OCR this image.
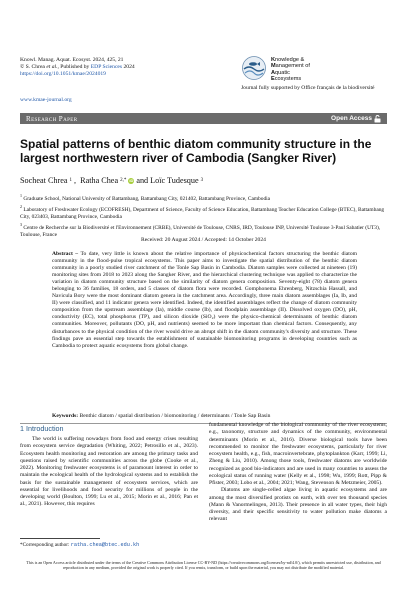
Knowl. Manag. Aquat. Ecosyst. 2024, 425, 21
© S. Chrea et al., Published by EDP Sciences 2024
https://doi.org/10.1051/kmae/2024019
Knowledge &
Management of
Aquatic
Ecosystems
Journal fully supported by Office français de la biodiversité
www.kmae-journal.org
Research Paper	Open Access
Spatial patterns of benthic diatom community structure in the largest northwestern river of Cambodia (Sangker River)
Socheat Chrea 1 , Ratha Chea 2,* iD and Loïc Tudesque 3
$^1$ Graduate School, National University of Battambang, Battambang City, 021402, Battambang Province, Cambodia
$^2$ Laboratory of Freshwater Ecology (ECOFRESH), Department of Science, Faculty of Science Education, Battambang Teacher Education College (BTEC), Battambang City, 023403, Battambang Province, Cambodia
$^3$ Centre de Recherche sur la Biodiversité et l'Environnement (CRBE), Université de Toulouse, CNRS, IRD, Toulouse INP, Université Toulouse 3-Paul Sabatier (UT3), Toulouse, France
Received: 20 August 2024 / Accepted: 14 October 2024
Abstract – To date, very little is known about the relative importance of physicochemical factors structuring the benthic diatom community in the flood-pulse tropical ecosystems. This paper aims to investigate the spatial distribution of the benthic diatom community in a poorly studied river catchment of the Tonle Sap Basin in Cambodia. Diatom samples were collected at nineteen (19) monitoring sites from 2018 to 2023 along the Sangker River, and the hierarchical clustering technique was applied to characterize the variation in diatom community structure based on the similarity of diatom genera composition. Seventy-eight (78) diatom genera belonging to 36 families, 18 orders, and 5 classes of diatom flora were recorded. Gomphonema Ehrenberg, Nitzschia Hassall, and Navicula Bory were the most dominant diatom genera in the catchment area. Accordingly, three main diatom assemblages (Ia, Ib, and II) were classified, and 11 indicator genera were identified. Indeed, the identified assemblages reflect the change of diatom community composition from the upstream assemblage (Ia), middle course (Ib), and floodplain assemblage (II). Dissolved oxygen (DO), pH, conductivity (EC), total phosphorus (TP), and silicon dioxide (SiO₂) were the physico-chemical determinants of benthic diatom communities. Moreover, pollutants (DO, pH, and nutrients) seemed to be more important than chemical factors. Consequently, any disturbances to the physical condition of the river would drive an abrupt shift in the diatom community's diversity and structure. These findings pave an essential step towards the establishment of sustainable biomonitoring programs in developing countries such as Cambodia to protect aquatic ecosystems from global change.
Keywords: Benthic diatom / spatial distribution / biomonitoring / determinants / Tonle Sap Basin
1 Introduction

The world is suffering nowadays from food and energy crises resulting from ecosystem service degradation (Whiting, 2022; Petrosillo et al., 2023). Ecosystem health monitoring and restoration are among the primary tasks and questions raised by scientific communities across the globe (Cooke et al., 2022). Monitoring freshwater ecosystems is of paramount interest in order to maintain the ecological health of the hydrological systems and to establish the basis for the sustainable management of ecosystem services, which are essential for livelihoods and food security for millions of people in the developing world (Boulton, 1999; Lu et al., 2015; Morin et al., 2016; Pan et al., 2021). However, this requires

fundamental knowledge of the biological community of the river ecosystems, e.g., taxonomy, structure and dynamics of the community, environmental determinants (Morin et al., 2016). Diverse biological tools have been recommended to monitor the freshwater ecosystems, particularly for river ecosystem health, e.g., fish, macroinvertebrate, phytoplankton (Karr, 1999; Li, Zheng & Liu, 2010). Among those tools, freshwater diatoms are worldwide recognized as good bio-indicators and are used in many countries to assess the ecological status of running water (Kelly et al., 1998; Wu, 1999; Rott, Pipp & Pfister, 2003; Lobo et al., 2004; 2021; Wang, Stevenson & Metzmeier, 2005).

Diatoms are single-celled algae living in aquatic ecosystems and are among the most diversified protists on earth, with over ten thousand species (Mann & Vanormelingen, 2013). Their presence in all water types, their high diversity, and their specific sensitivity to water pollution make diatoms a relevant

*Corresponding author: ratha.chea@btec.edu.kh
This is an Open Access article distributed under the terms of the Creative Commons Attribution License CC-BY-ND (https://creativecommons.org/licenses/by-nd/4.0/), which permits unrestricted use, distribution, and reproduction in any medium, provided the original work is properly cited. If you remix, transform, or build upon the material, you may not distribute the modified material.
